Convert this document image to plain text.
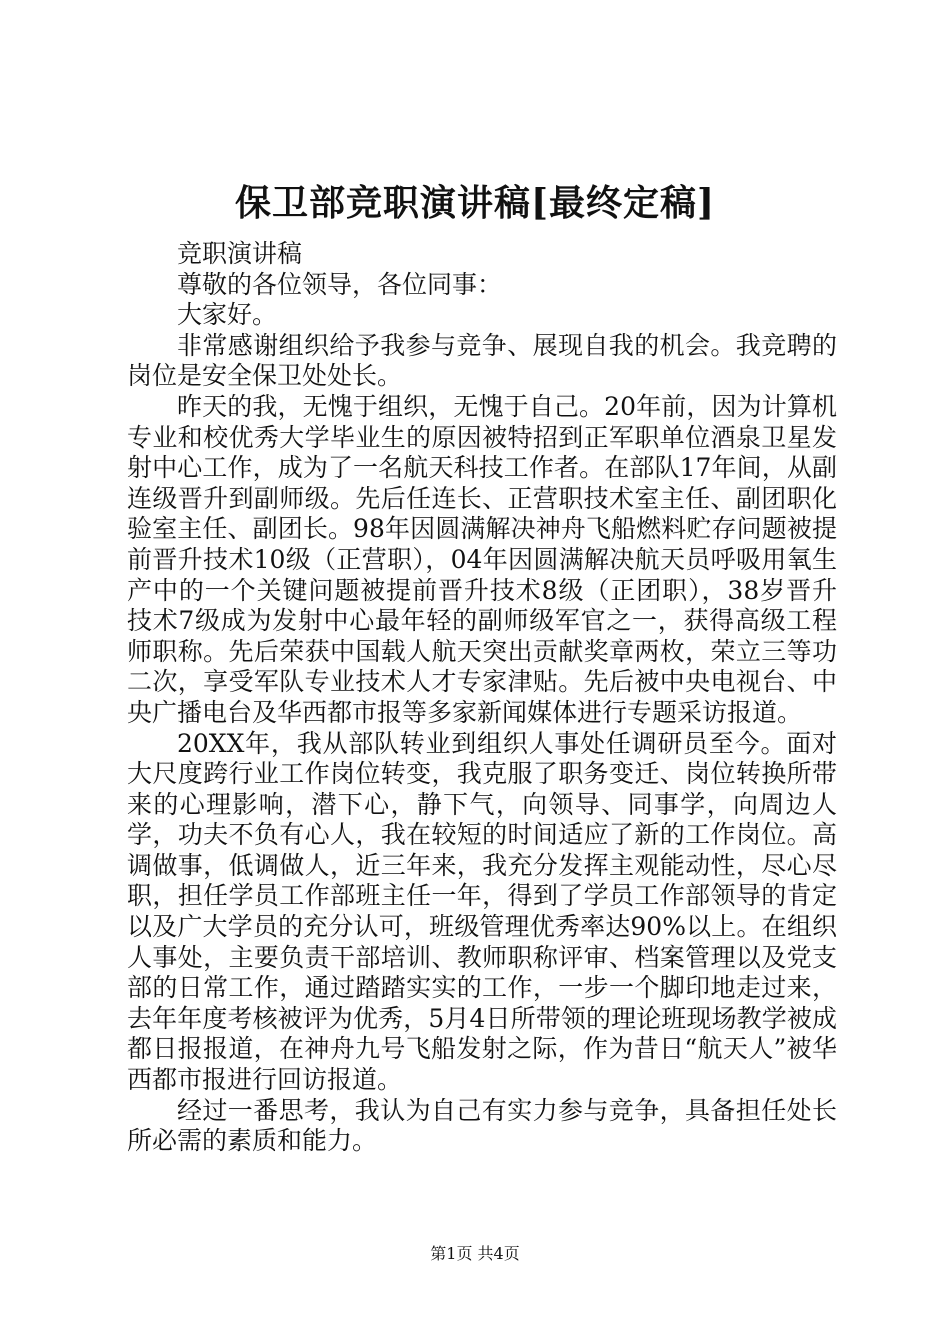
保卫部竞职演讲稿[最终定稿]

竞职演讲稿

尊敬的各位领导，各位同事：

大家好。

非常感谢组织给予我参与竞争、展现自我的机会。我竞聘的岗位是安全保卫处处长。

昨天的我，无愧于组织，无愧于自己。20年前，因为计算机专业和校优秀大学毕业生的原因被特招到正军职单位酒泉卫星发射中心工作，成为了一名航天科技工作者。在部队17年间，从副连级晋升到副师级。先后任连长、正营职技术室主任、副团职化验室主任、副团长。98年因圆满解决神舟飞船燃料贮存问题被提前晋升技术10级（正营职），04年因圆满解决航天员呼吸用氧生产中的一个关键问题被提前晋升技术8级（正团职），38岁晋升技术7级成为发射中心最年轻的副师级军官之一，获得高级工程师职称。先后荣获中国载人航天突出贡献奖章两枚，荣立三等功二次，享受军队专业技术人才专家津贴。先后被中央电视台、中央广播电台及华西都市报等多家新闻媒体进行专题采访报道。

20XX年，我从部队转业到组织人事处任调研员至今。面对大尺度跨行业工作岗位转变，我克服了职务变迁、岗位转换所带来的心理影响，潜下心，静下气，向领导、同事学，向周边人学，功夫不负有心人，我在较短的时间适应了新的工作岗位。高调做事，低调做人，近三年来，我充分发挥主观能动性，尽心尽职，担任学员工作部班主任一年，得到了学员工作部领导的肯定以及广大学员的充分认可，班级管理优秀率达90%以上。在组织人事处，主要负责干部培训、教师职称评审、档案管理以及党支部的日常工作，通过踏踏实实的工作，一步一个脚印地走过来，去年年度考核被评为优秀，5月4日所带领的理论班现场教学被成都日报报道，在神舟九号飞船发射之际，作为昔日“航天人”被华西都市报进行回访报道。

经过一番思考，我认为自己有实力参与竞争，具备担任处长所必需的素质和能力。

第1页 共4页
